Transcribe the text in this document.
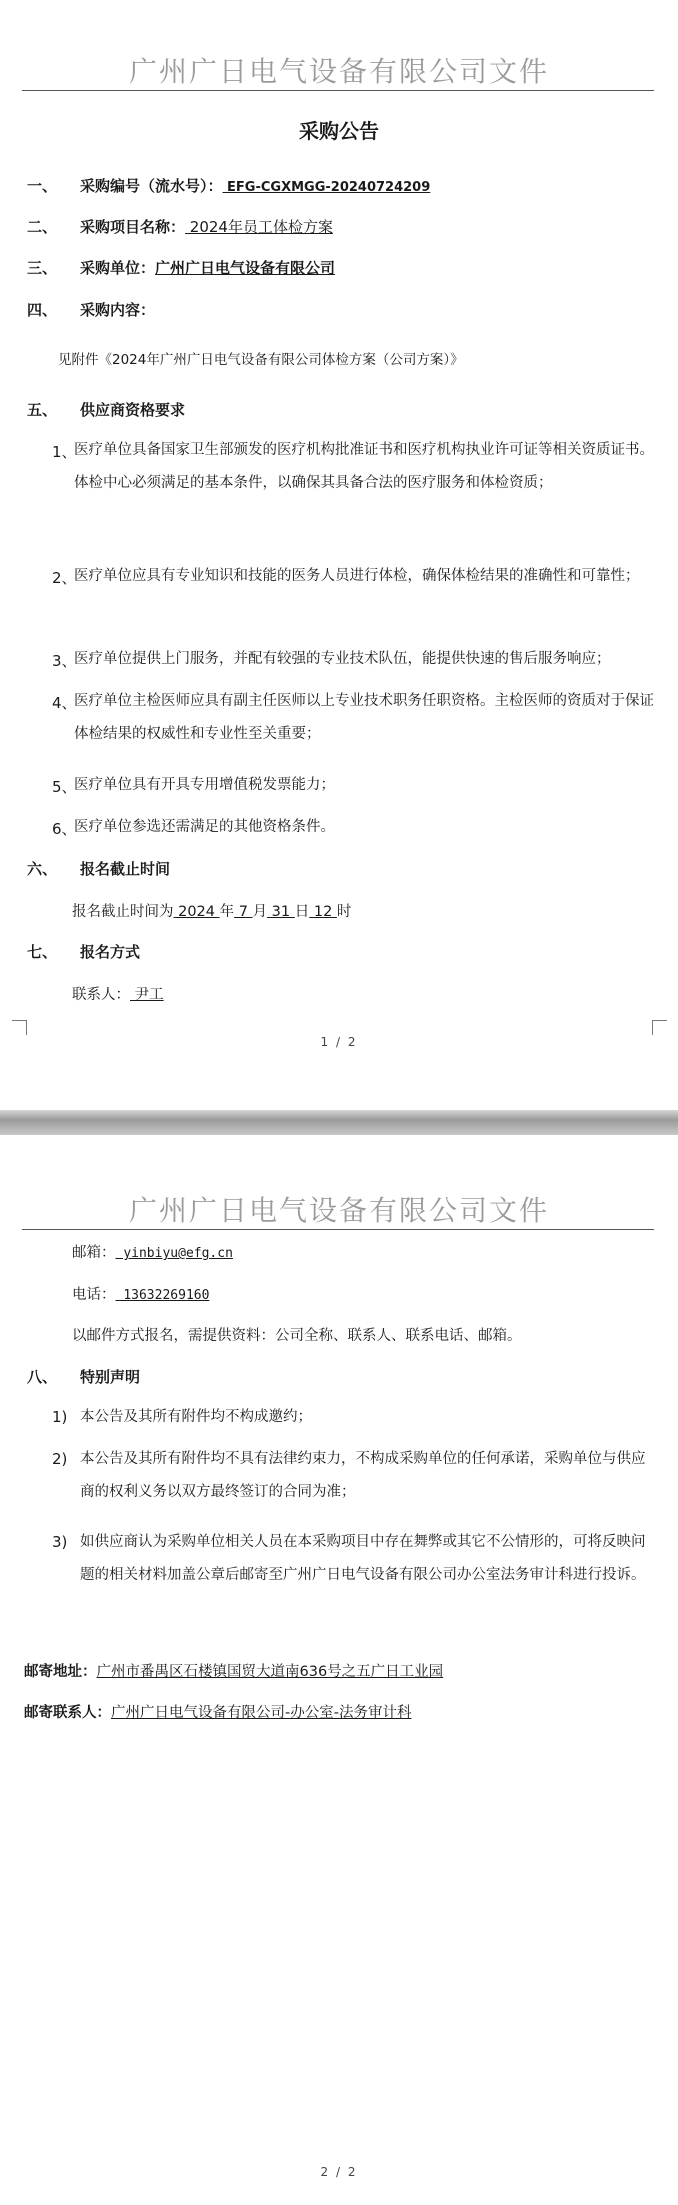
广州广日电气设备有限公司文件
采购公告
一、 采购编号（流水号）： EFG-CGXMGG-20240724209
二、 采购项目名称： 2024年员工体检方案
三、 采购单位：广州广日电气设备有限公司
四、 采购内容：
见附件《2024年广州广日电气设备有限公司体检方案（公司方案）》
五、 供应商资格要求
1、
医疗单位具备国家卫生部颁发的医疗机构批准证书和医疗机构执业许可证等相关资质证书。体检中心必须满足的基本条件，以确保其具备合法的医疗服务和体检资质；
2、
医疗单位应具有专业知识和技能的医务人员进行体检，确保体检结果的准确性和可靠性；
3、
医疗单位提供上门服务，并配有较强的专业技术队伍，能提供快速的售后服务响应；
4、
医疗单位主检医师应具有副主任医师以上专业技术职务任职资格。主检医师的资质对于保证体检结果的权威性和专业性至关重要；
5、
医疗单位具有开具专用增值税发票能力；
6、
医疗单位参选还需满足的其他资格条件。
六、 报名截止时间
报名截止时间为 2024 年 7 月 31 日 12 时
七、 报名方式
联系人： 尹工
1 / 2
广州广日电气设备有限公司文件
邮箱： yinbiyu@efg.cn
电话： 13632269160
以邮件方式报名，需提供资料：公司全称、联系人、联系电话、邮箱。
八、 特别声明
1) 本公告及其所有附件均不构成邀约；
2) 本公告及其所有附件均不具有法律约束力，不构成采购单位的任何承诺，采购单位与供应商的权利义务以双方最终签订的合同为准；
3) 如供应商认为采购单位相关人员在本采购项目中存在舞弊或其它不公情形的，可将反映问题的相关材料加盖公章后邮寄至广州广日电气设备有限公司办公室法务审计科进行投诉。
邮寄地址：广州市番禺区石楼镇国贸大道南636号之五广日工业园
邮寄联系人：广州广日电气设备有限公司-办公室-法务审计科
2 / 2
